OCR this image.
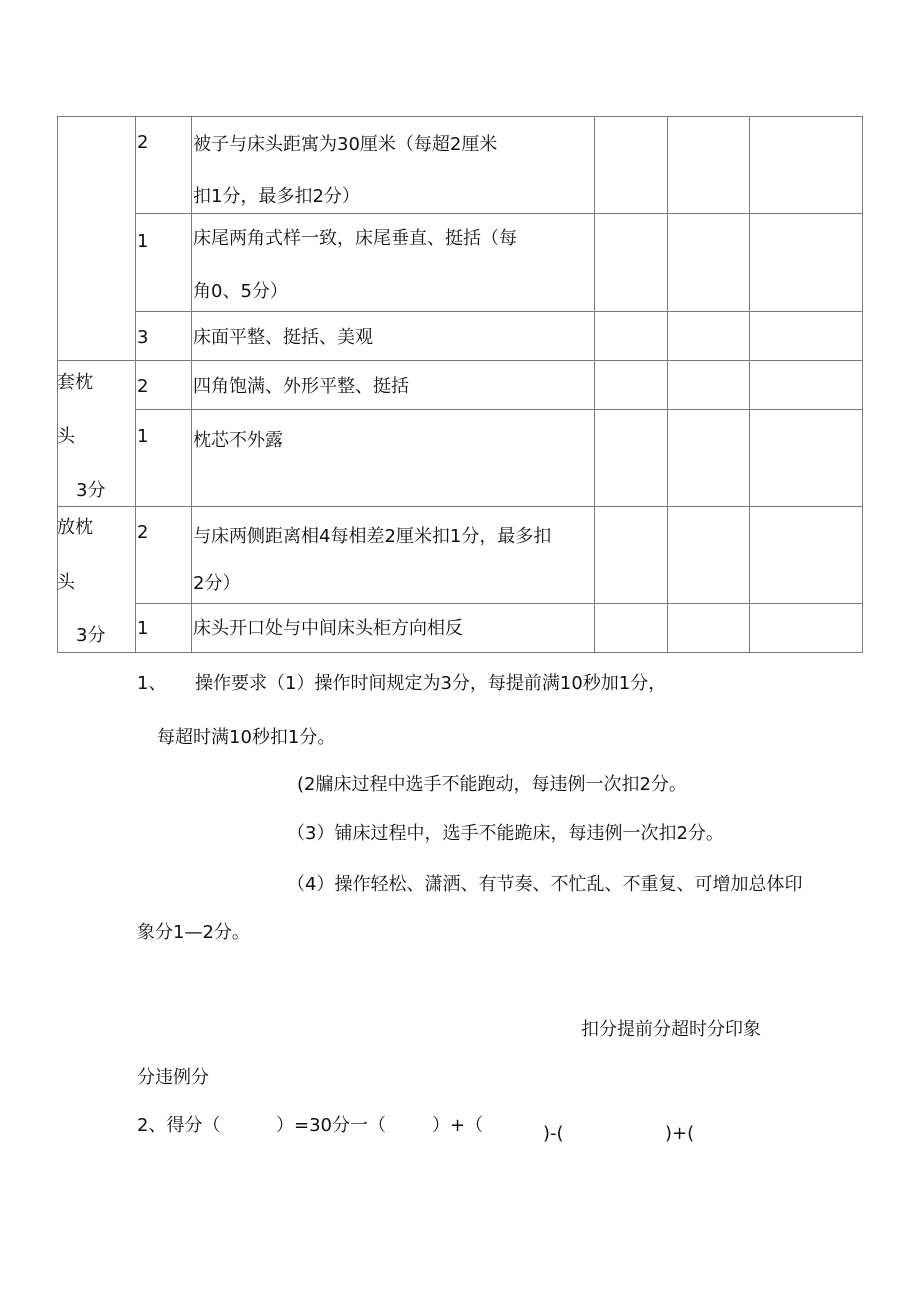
2 被子与床头距寓为30厘米（每超2厘米
扣1分，最多扣2分）
1 床尾两角式样一致，床尾垂直、挺括（每
角0、5分）
3 床面平整、挺括、美观
套枕
头
3分
2 四角饱满、外形平整、挺括
1 枕芯不外露
放枕
头
3分
2 与床两侧距离相4每相差2厘米扣1分，最多扣
2分）
1 床头开口处与中间床头柜方向相反
1、 操作要求（1）操作时间规定为3分，每提前满10秒加1分，
每超时满10秒扣1分。
(2牖床过程中选手不能跑动，每违例一次扣2分。
（3）铺床过程中，选手不能跪床，每违例一次扣2分。
（4）操作轻松、潇洒、有节奏、不忙乱、不重复、可增加总体印
象分1—2分。
扣分提前分超时分印象
分违例分
2、得分（	）=30分一（	）+（	)-(	)+(
